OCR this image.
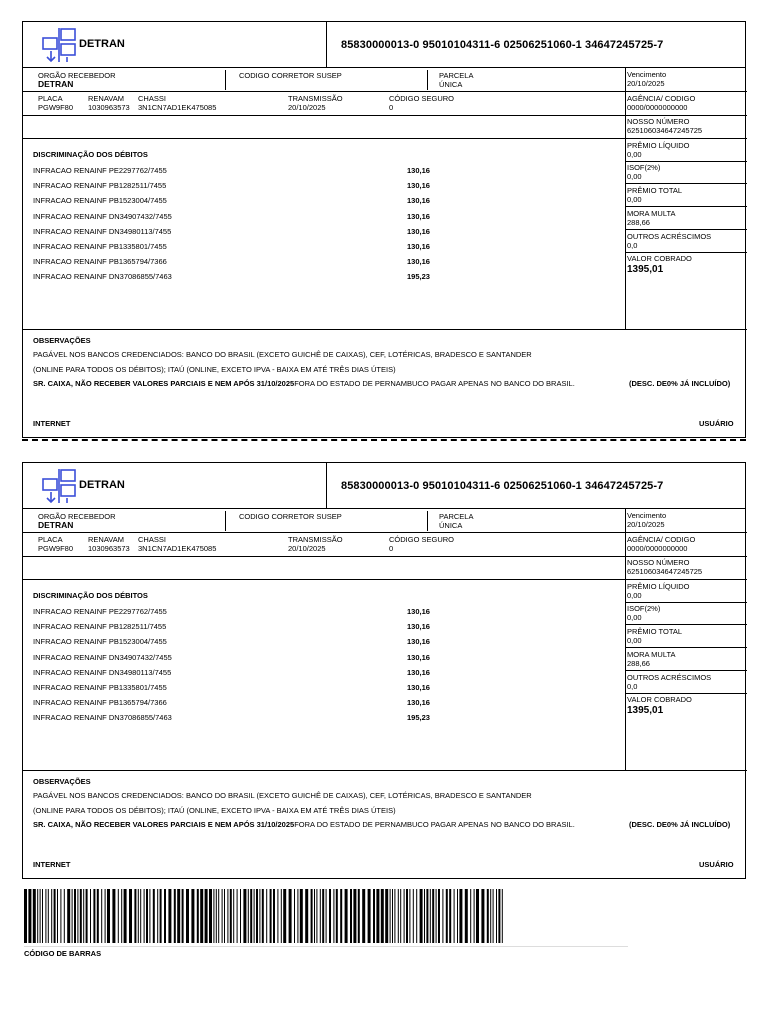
DETRAN	85830000013-0 95010104311-6 02506251060-1 34647245725-7
ORGÃO RECEBEDOR
DETRAN
CODIGO CORRETOR SUSEP	PARCELA
ÚNICA
Vencimento
20/10/2025
PLACA
PGW9F80
RENAVAM
1030963573
CHASSI
3N1CN7AD1EK475085
TRANSMISSÃO
20/10/2025
CÓDIGO SEGURO
0
AGÊNCIA/ CODIGO
0000/0000000000
NOSSO NÚMERO
625106034647245725
PRÊMIO LÍQUIDO
0,00
ISOF(2%)
0,00
PRÊMIO TOTAL
0,00
MORA MULTA
288,66
OUTROS ACRÉSCIMOS
0,0
VALOR COBRADO
1395,01
DISCRIMINAÇÃO DOS DÉBITOS
INFRACAO RENAINF PE2297762/7455	130,16
INFRACAO RENAINF PB1282511/7455	130,16
INFRACAO RENAINF PB1523004/7455	130,16
INFRACAO RENAINF DN34907432/7455	130,16
INFRACAO RENAINF DN34980113/7455	130,16
INFRACAO RENAINF PB1335801/7455	130,16
INFRACAO RENAINF PB1365794/7366	130,16
INFRACAO RENAINF DN37086855/7463	195,23
OBSERVAÇÕES
PAGÁVEL NOS BANCOS CREDENCIADOS: BANCO DO BRASIL (EXCETO GUICHÊ DE CAIXAS), CEF, LOTÉRICAS, BRADESCO E SANTANDER
(ONLINE PARA TODOS OS DÉBITOS); ITAÚ (ONLINE, EXCETO IPVA - BAIXA EM ATÉ TRÊS DIAS ÚTEIS)
SR. CAIXA, NÃO RECEBER VALORES PARCIAIS E NEM APÓS 31/10/2025FORA DO ESTADO DE PERNAMBUCO PAGAR APENAS NO BANCO DO BRASIL.	(DESC. DE0% JÁ INCLUÍDO)
INTERNET	USUÁRIO
DETRAN	85830000013-0 95010104311-6 02506251060-1 34647245725-7
ORGÃO RECEBEDOR
DETRAN
CODIGO CORRETOR SUSEP	PARCELA
ÚNICA
Vencimento
20/10/2025
PLACA
PGW9F80
RENAVAM
1030963573
CHASSI
3N1CN7AD1EK475085
TRANSMISSÃO
20/10/2025
CÓDIGO SEGURO
0
AGÊNCIA/ CODIGO
0000/0000000000
NOSSO NÚMERO
625106034647245725
PRÊMIO LÍQUIDO
0,00
ISOF(2%)
0,00
PRÊMIO TOTAL
0,00
MORA MULTA
288,66
OUTROS ACRÉSCIMOS
0,0
VALOR COBRADO
1395,01
DISCRIMINAÇÃO DOS DÉBITOS
INFRACAO RENAINF PE2297762/7455	130,16
INFRACAO RENAINF PB1282511/7455	130,16
INFRACAO RENAINF PB1523004/7455	130,16
INFRACAO RENAINF DN34907432/7455	130,16
INFRACAO RENAINF DN34980113/7455	130,16
INFRACAO RENAINF PB1335801/7455	130,16
INFRACAO RENAINF PB1365794/7366	130,16
INFRACAO RENAINF DN37086855/7463	195,23
OBSERVAÇÕES
PAGÁVEL NOS BANCOS CREDENCIADOS: BANCO DO BRASIL (EXCETO GUICHÊ DE CAIXAS), CEF, LOTÉRICAS, BRADESCO E SANTANDER
(ONLINE PARA TODOS OS DÉBITOS); ITAÚ (ONLINE, EXCETO IPVA - BAIXA EM ATÉ TRÊS DIAS ÚTEIS)
SR. CAIXA, NÃO RECEBER VALORES PARCIAIS E NEM APÓS 31/10/2025FORA DO ESTADO DE PERNAMBUCO PAGAR APENAS NO BANCO DO BRASIL.	(DESC. DE0% JÁ INCLUÍDO)
INTERNET	USUÁRIO
CÓDIGO DE BARRAS
